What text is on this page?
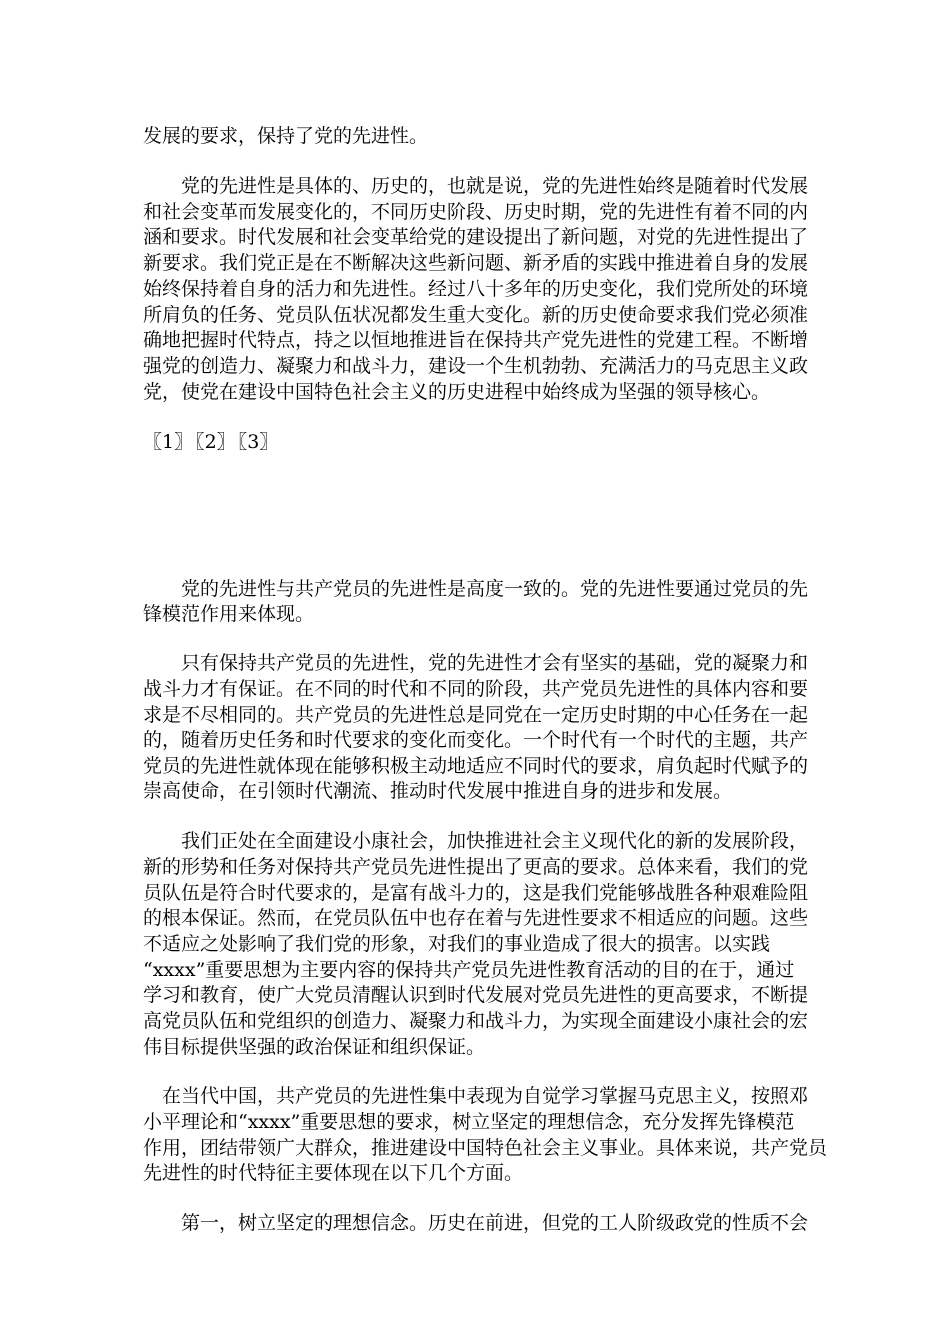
发展的要求，保持了党的先进性。
　　党的先进性是具体的、历史的，也就是说，党的先进性始终是随着时代发展
和社会变革而发展变化的，不同历史阶段、历史时期，党的先进性有着不同的内
涵和要求。时代发展和社会变革给党的建设提出了新问题，对党的先进性提出了
新要求。我们党正是在不断解决这些新问题、新矛盾的实践中推进着自身的发展
始终保持着自身的活力和先进性。经过八十多年的历史变化，我们党所处的环境
所肩负的任务、党员队伍状况都发生重大变化。新的历史使命要求我们党必须准
确地把握时代特点，持之以恒地推进旨在保持共产党先进性的党建工程。不断增
强党的创造力、凝聚力和战斗力，建设一个生机勃勃、充满活力的马克思主义政
党，使党在建设中国特色社会主义的历史进程中始终成为坚强的领导核心。
〖1〗 〖2〗 〖3〗
　　党的先进性与共产党员的先进性是高度一致的。党的先进性要通过党员的先
锋模范作用来体现。
　　只有保持共产党员的先进性，党的先进性才会有坚实的基础，党的凝聚力和
战斗力才有保证。在不同的时代和不同的阶段，共产党员先进性的具体内容和要
求是不尽相同的。共产党员的先进性总是同党在一定历史时期的中心任务在一起
的，随着历史任务和时代要求的变化而变化。一个时代有一个时代的主题，共产
党员的先进性就体现在能够积极主动地适应不同时代的要求，肩负起时代赋予的
崇高使命，在引领时代潮流、推动时代发展中推进自身的进步和发展。
　　我们正处在全面建设小康社会，加快推进社会主义现代化的新的发展阶段，
新的形势和任务对保持共产党员先进性提出了更高的要求。总体来看，我们的党
员队伍是符合时代要求的，是富有战斗力的，这是我们党能够战胜各种艰难险阻
的根本保证。然而，在党员队伍中也存在着与先进性要求不相适应的问题。这些
不适应之处影响了我们党的形象，对我们的事业造成了很大的损害。以实践
“xxxx”重要思想为主要内容的保持共产党员先进性教育活动的目的在于，通过
学习和教育，使广大党员清醒认识到时代发展对党员先进性的更高要求，不断提
高党员队伍和党组织的创造力、凝聚力和战斗力，为实现全面建设小康社会的宏
伟目标提供坚强的政治保证和组织保证。
　在当代中国，共产党员的先进性集中表现为自觉学习掌握马克思主义，按照邓
小平理论和“xxxx”重要思想的要求，树立坚定的理想信念，充分发挥先锋模范
作用，团结带领广大群众，推进建设中国特色社会主义事业。具体来说，共产党员
先进性的时代特征主要体现在以下几个方面。
　　第一，树立坚定的理想信念。历史在前进，但党的工人阶级政党的性质不会
